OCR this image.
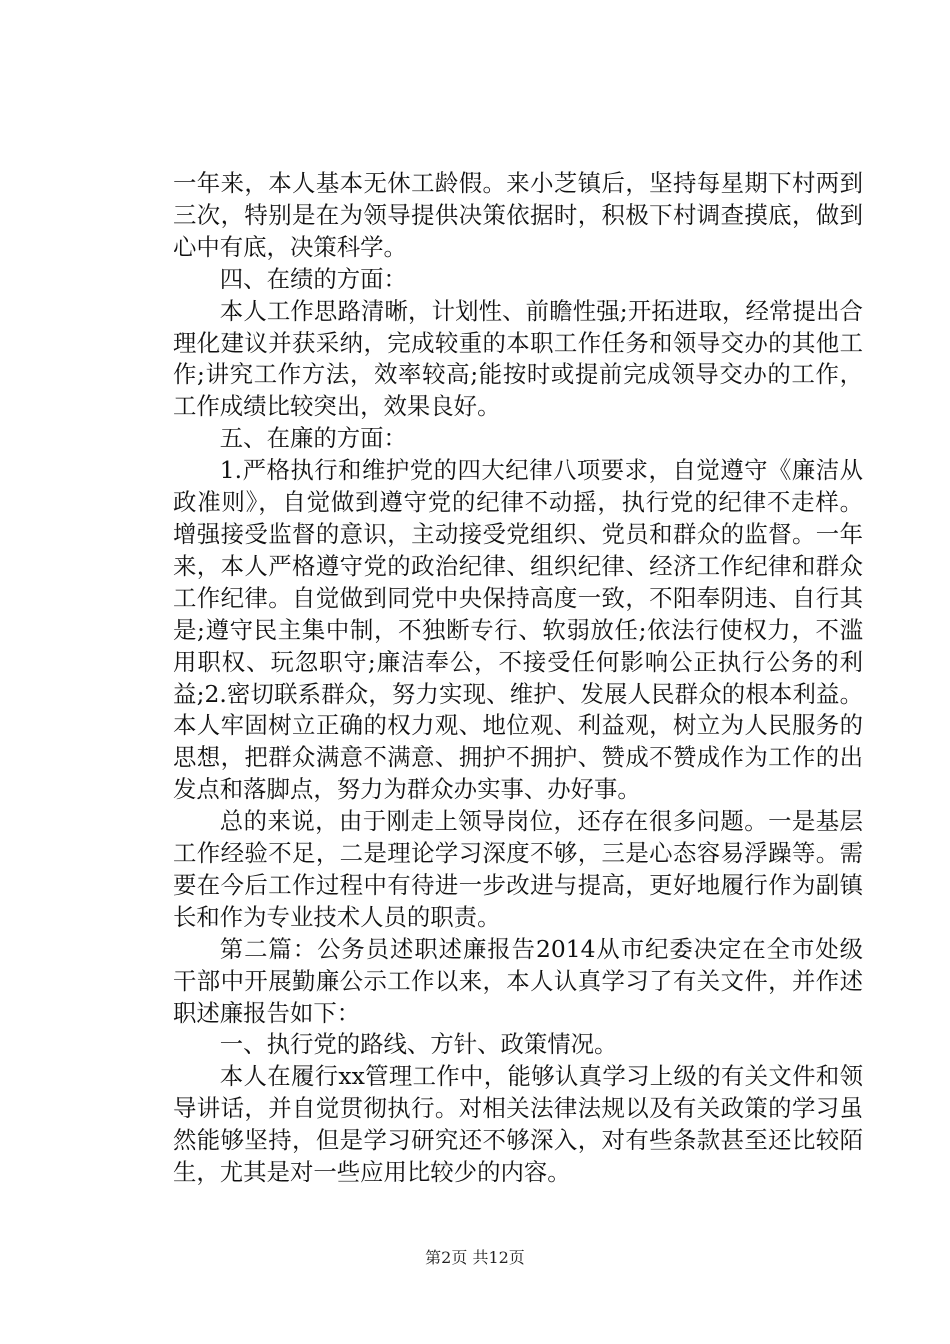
一年来，本人基本无休工龄假。来小芝镇后，坚持每星期下村两到三次，特别是在为领导提供决策依据时，积极下村调查摸底，做到心中有底，决策科学。

四、在绩的方面：

本人工作思路清晰，计划性、前瞻性强;开拓进取，经常提出合理化建议并获采纳，完成较重的本职工作任务和领导交办的其他工作;讲究工作方法，效率较高;能按时或提前完成领导交办的工作，工作成绩比较突出，效果良好。

五、在廉的方面：

1.严格执行和维护党的四大纪律八项要求，自觉遵守《廉洁从政准则》，自觉做到遵守党的纪律不动摇，执行党的纪律不走样。增强接受监督的意识，主动接受党组织、党员和群众的监督。一年来，本人严格遵守党的政治纪律、组织纪律、经济工作纪律和群众工作纪律。自觉做到同党中央保持高度一致，不阳奉阴违、自行其是;遵守民主集中制，不独断专行、软弱放任;依法行使权力，不滥用职权、玩忽职守;廉洁奉公，不接受任何影响公正执行公务的利益;2.密切联系群众，努力实现、维护、发展人民群众的根本利益。本人牢固树立正确的权力观、地位观、利益观，树立为人民服务的思想，把群众满意不满意、拥护不拥护、赞成不赞成作为工作的出发点和落脚点，努力为群众办实事、办好事。

总的来说，由于刚走上领导岗位，还存在很多问题。一是基层工作经验不足，二是理论学习深度不够，三是心态容易浮躁等。需要在今后工作过程中有待进一步改进与提高，更好地履行作为副镇长和作为专业技术人员的职责。

第二篇：公务员述职述廉报告2014从市纪委决定在全市处级干部中开展勤廉公示工作以来，本人认真学习了有关文件，并作述职述廉报告如下：

一、执行党的路线、方针、政策情况。

本人在履行xx管理工作中，能够认真学习上级的有关文件和领导讲话，并自觉贯彻执行。对相关法律法规以及有关政策的学习虽然能够坚持，但是学习研究还不够深入，对有些条款甚至还比较陌生，尤其是对一些应用比较少的内容。

第2页 共12页
